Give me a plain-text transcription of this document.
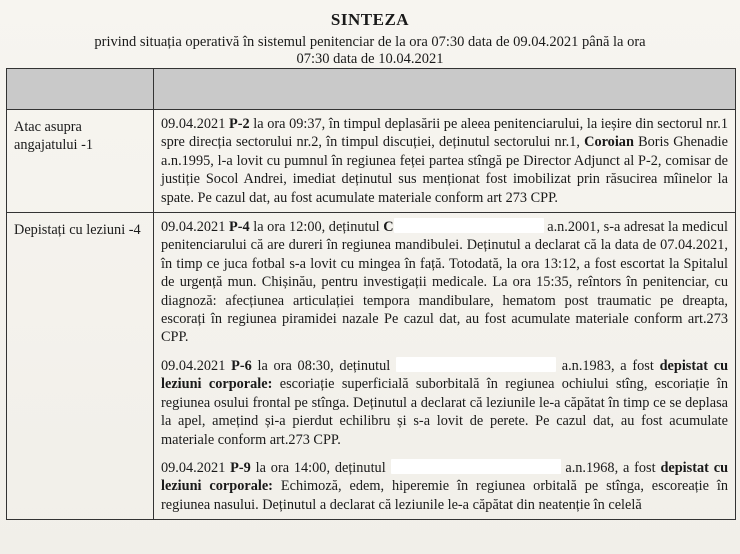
SINTEZA
privind situația operativă în sistemul penitenciar de la ora 07:30 data de 09.04.2021 până la ora
07:30 data de 10.04.2021

Atac asupra angajatului -1	09.04.2021 P-2 la ora 09:37, în timpul deplasării pe aleea penitenciarului, la ieșire din sectorul nr.1 spre direcția sectorului nr.2, în timpul discuției, deținutul sectorului nr.1, Coroian Boris Ghenadie a.n.1995, l-a lovit cu pumnul în regiunea feței partea stîngă pe Director Adjunct al P-2, comisar de justiție Socol Andrei, imediat deținutul sus menționat fost imobilizat prin răsucirea mîinelor la spate. Pe cazul dat, au fost acumulate materiale conform art 273 CPP.

Depistați cu leziuni -4	09.04.2021 P-4 la ora 12:00, deținutul C a.n.2001, s-a adresat la medicul penitenciarului că are dureri în regiunea mandibulei. Deținutul a declarat că la data de 07.04.2021, în timp ce juca fotbal s-a lovit cu mingea în față. Totodată, la ora 13:12, a fost escortat la Spitalul de urgență mun. Chișinău, pentru investigații medicale. La ora 15:35, reîntors în penitenciar, cu diagnoză: afecțiunea articulației tempora mandibulare, hematom post traumatic pe dreapta, escorați în regiunea piramidei nazale Pe cazul dat, au fost acumulate materiale conform art.273 CPP.

09.04.2021 P-6 la ora 08:30, deținutul a.n.1983, a fost depistat cu leziuni corporale: escoriație superficială suborbitală în regiunea ochiului stîng, escoriație în regiunea osului frontal pe stînga. Deținutul a declarat că leziunile le-a căpătat în timp ce se deplasa la apel, amețind și-a pierdut echilibru și s-a lovit de perete. Pe cazul dat, au fost acumulate materiale conform art.273 CPP.

09.04.2021 P-9 la ora 14:00, deținutul a.n.1968, a fost depistat cu leziuni corporale: Echimoză, edem, hiperemie în regiunea orbitală pe stînga, escoreație în regiunea nasului. Deținutul a declarat că leziunile le-a căpătat din neatenție în celelă
